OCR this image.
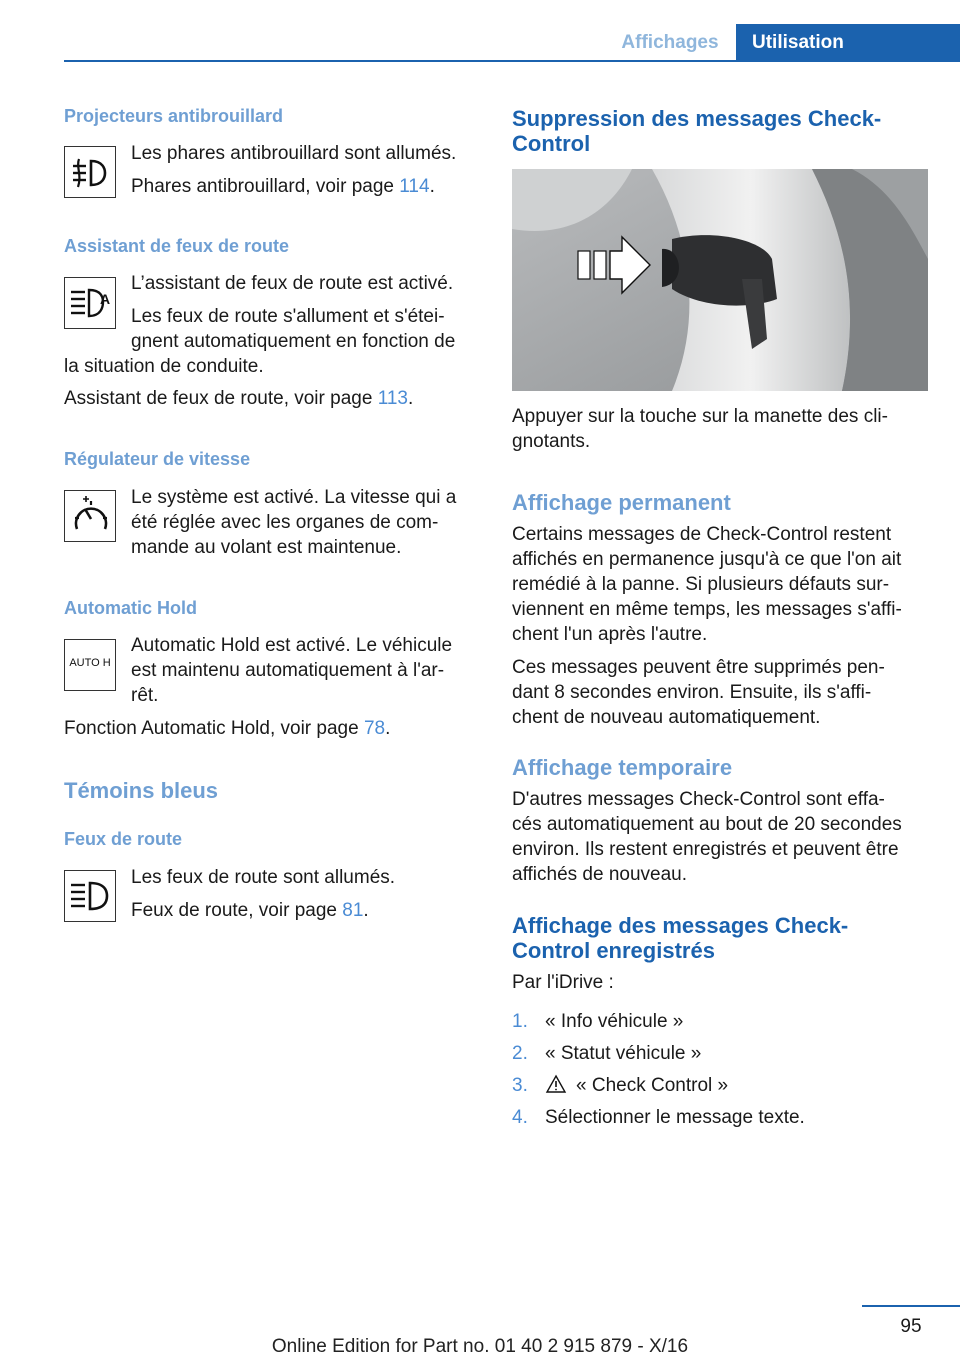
Affichages	Utilisation
Projecteurs antibrouillard
Les phares antibrouillard sont allumés.
Phares antibrouillard, voir page 114.
Assistant de feux de route
A
L’assistant de feux de route est activé.
Les feux de route s'allument et s'étei‐
gnent automatiquement en fonction de
la situation de conduite.
Assistant de feux de route, voir page 113.
Régulateur de vitesse
Le système est activé. La vitesse qui a
été réglée avec les organes de com‐
mande au volant est maintenue.
Automatic Hold
AUTO H
Automatic Hold est activé. Le véhicule
est maintenu automatiquement à l'ar‐
rêt.
Fonction Automatic Hold, voir page 78.
Témoins bleus
Feux de route
Les feux de route sont allumés.
Feux de route, voir page 81.
Suppression des messages Check‐
Control
Appuyer sur la touche sur la manette des cli‐
gnotants.
Affichage permanent
Certains messages de Check-Control restent
affichés en permanence jusqu'à ce que l'on ait
remédié à la panne. Si plusieurs défauts sur‐
viennent en même temps, les messages s'affi‐
chent l'un après l'autre.
Ces messages peuvent être supprimés pen‐
dant 8 secondes environ. Ensuite, ils s'affi‐
chent de nouveau automatiquement.
Affichage temporaire
D'autres messages Check-Control sont effa‐
cés automatiquement au bout de 20 secondes
environ. Ils restent enregistrés et peuvent être
affichés de nouveau.
Affichage des messages Check‐
Control enregistrés
Par l'iDrive :
1. « Info véhicule »
2. « Statut véhicule »
3.	« Check Control »
4. Sélectionner le message texte.
95
Online Edition for Part no. 01 40 2 915 879 - X/16
